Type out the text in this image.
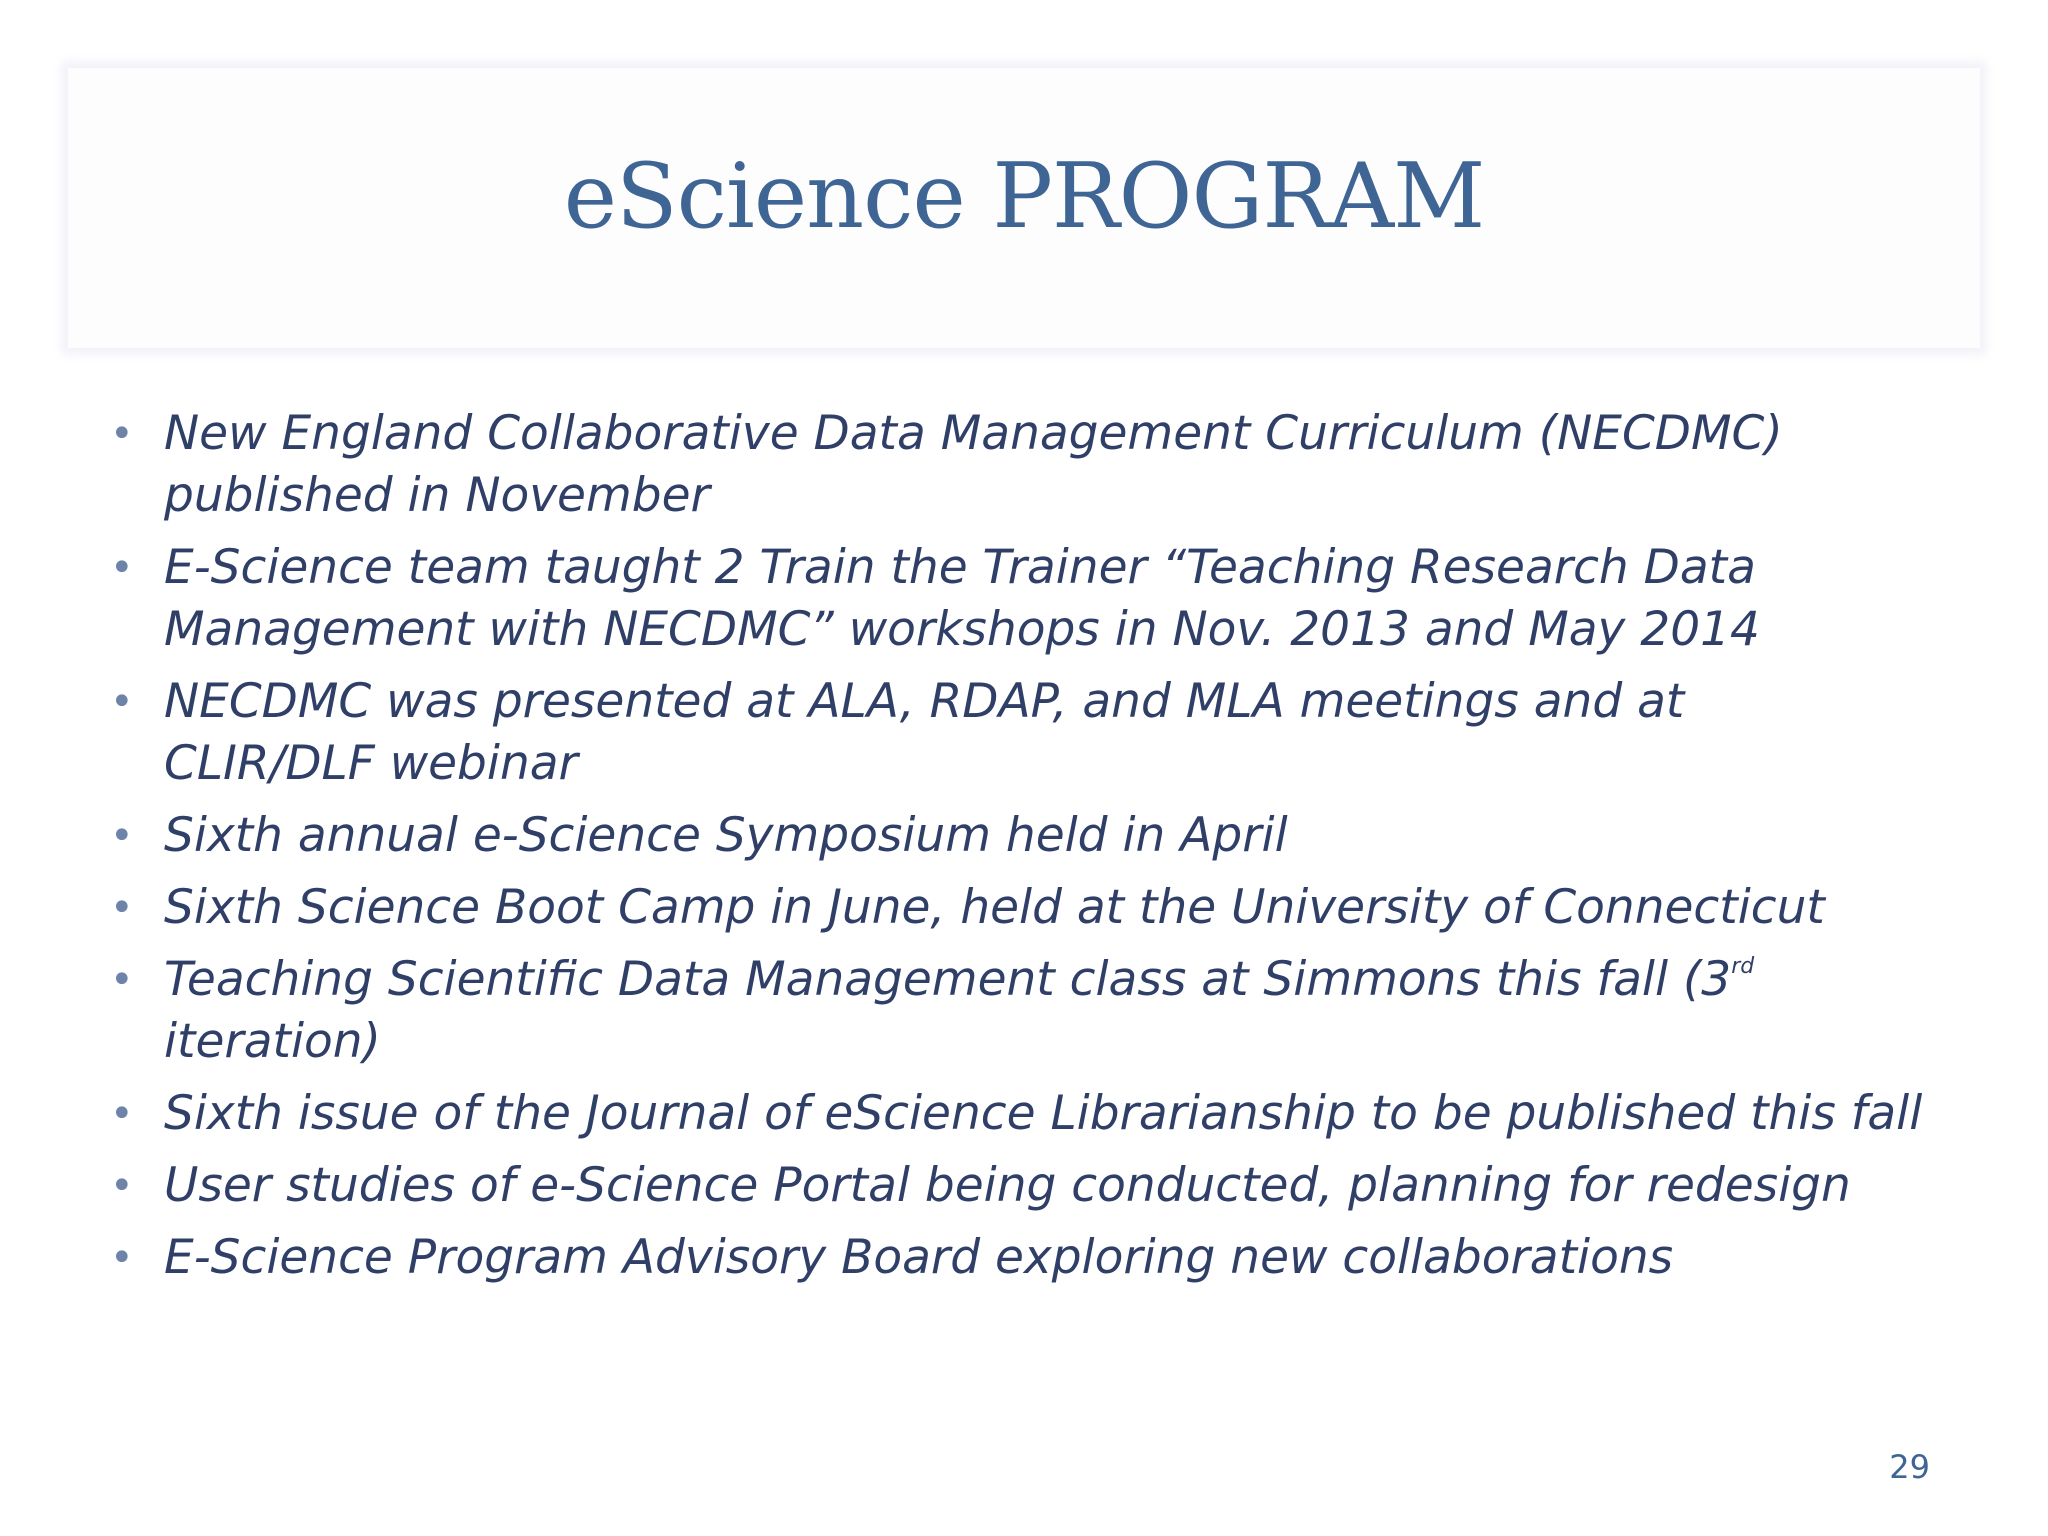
eScience PROGRAM
• New England Collaborative Data Management Curriculum (NECDMC)
published in November
• E-Science team taught 2 Train the Trainer “Teaching Research Data
Management with NECDMC” workshops in Nov. 2013 and May 2014
• NECDMC was presented at ALA, RDAP, and MLA meetings and at
CLIR/DLF webinar
• Sixth annual e-Science Symposium held in April
• Sixth Science Boot Camp in June, held at the University of Connecticut
• Teaching Scientific Data Management class at Simmons this fall (3rd
iteration)
• Sixth issue of the Journal of eScience Librarianship to be published this fall
• User studies of e-Science Portal being conducted, planning for redesign
• E-Science Program Advisory Board exploring new collaborations
29
